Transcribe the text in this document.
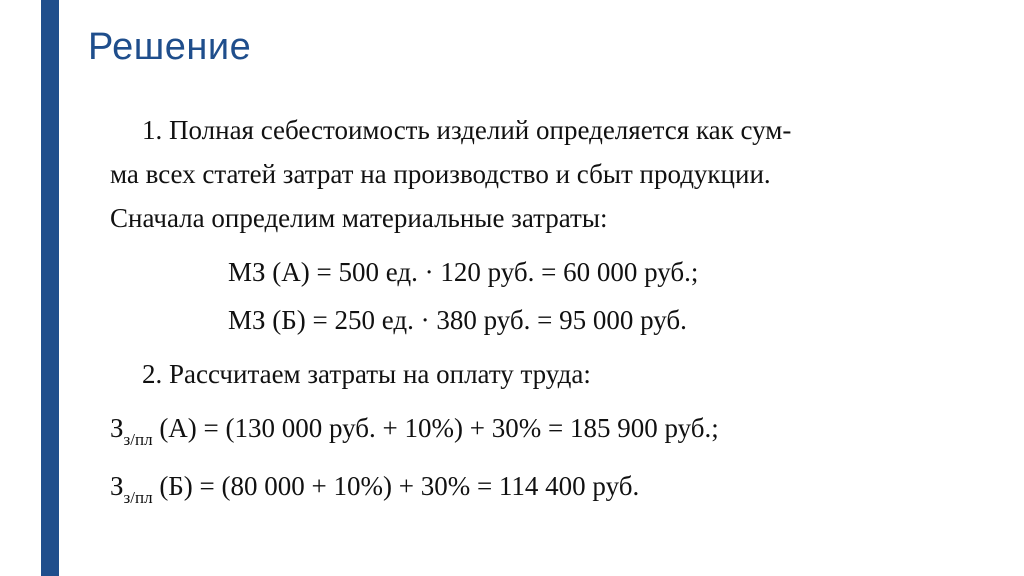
Решение
1. Полная себестоимость изделий определяется как сум-
ма всех статей затрат на производство и сбыт продукции.
Сначала определим материальные затраты:
МЗ (А) = 500 ед. · 120 руб. = 60 000 руб.;
МЗ (Б) = 250 ед. · 380 руб. = 95 000 руб.
2. Рассчитаем затраты на оплату труда:
$З_{з/пл}$ (А) = (130 000 руб. + 10%) + 30% = 185 900 руб.;
$З_{з/пл}$ (Б) = (80 000 + 10%) + 30% = 114 400 руб.
